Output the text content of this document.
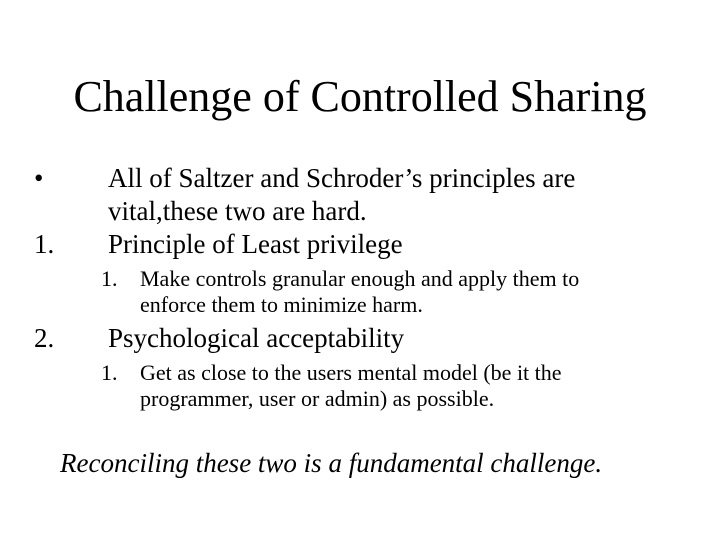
Challenge of Controlled Sharing
• All of Saltzer and Schroder’s principles are
vital,these two are hard.
1. Principle of Least privilege
1. Make controls granular enough and apply them to
enforce them to minimize harm.
2. Psychological acceptability
1. Get as close to the users mental model (be it the
programmer, user or admin) as possible.
Reconciling these two is a fundamental challenge.
